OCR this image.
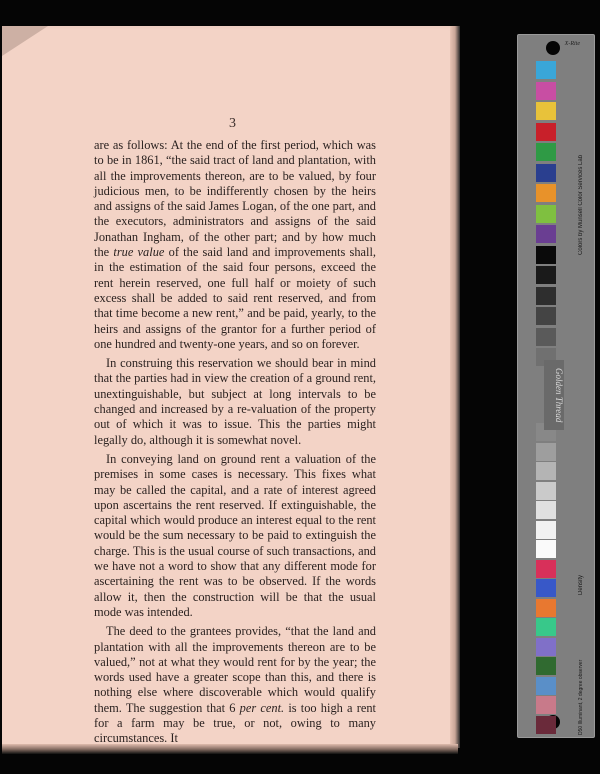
3

are as follows: At the end of the first period, which was to be in 1861, “the said tract of land and plantation, with all the improvements thereon, are to be valued, by four judicious men, to be indifferently chosen by the heirs and assigns of the said James Logan, of the one part, and the executors, administrators and assigns of the said Jonathan Ingham, of the other part; and by how much the true value of the said land and improvements shall, in the estimation of the said four persons, exceed the rent herein reserved, one full half or moiety of such excess shall be added to said rent reserved, and from that time become a new rent,” and be paid, yearly, to the heirs and assigns of the grantor for a further period of one hundred and twenty-one years, and so on forever.

In construing this reservation we should bear in mind that the parties had in view the creation of a ground rent, unextinguishable, but subject at long intervals to be changed and increased by a re-valuation of the property out of which it was to issue. This the parties might legally do, although it is somewhat novel.

In conveying land on ground rent a valuation of the premises in some cases is necessary. This fixes what may be called the capital, and a rate of interest agreed upon ascertains the rent reserved. If extinguishable, the capital which would produce an interest equal to the rent would be the sum necessary to be paid to extinguish the charge. This is the usual course of such transactions, and we have not a word to show that any different mode for ascertaining the rent was to be observed. If the words allow it, then the construction will be that the usual mode was intended.

The deed to the grantees provides, “that the land and plantation with all the improvements thereon are to be valued,” not at what they would rent for by the year; the words used have a greater scope than this, and there is nothing else where discoverable which would qualify them. The suggestion that 6 per cent. is too high a rent for a farm may be true, or not, owing to many circumstances. It

X-Rite
Colors by Munsell Color Services Lab
Density
D50 Illuminant, 2 degree observer
Golden Thread
